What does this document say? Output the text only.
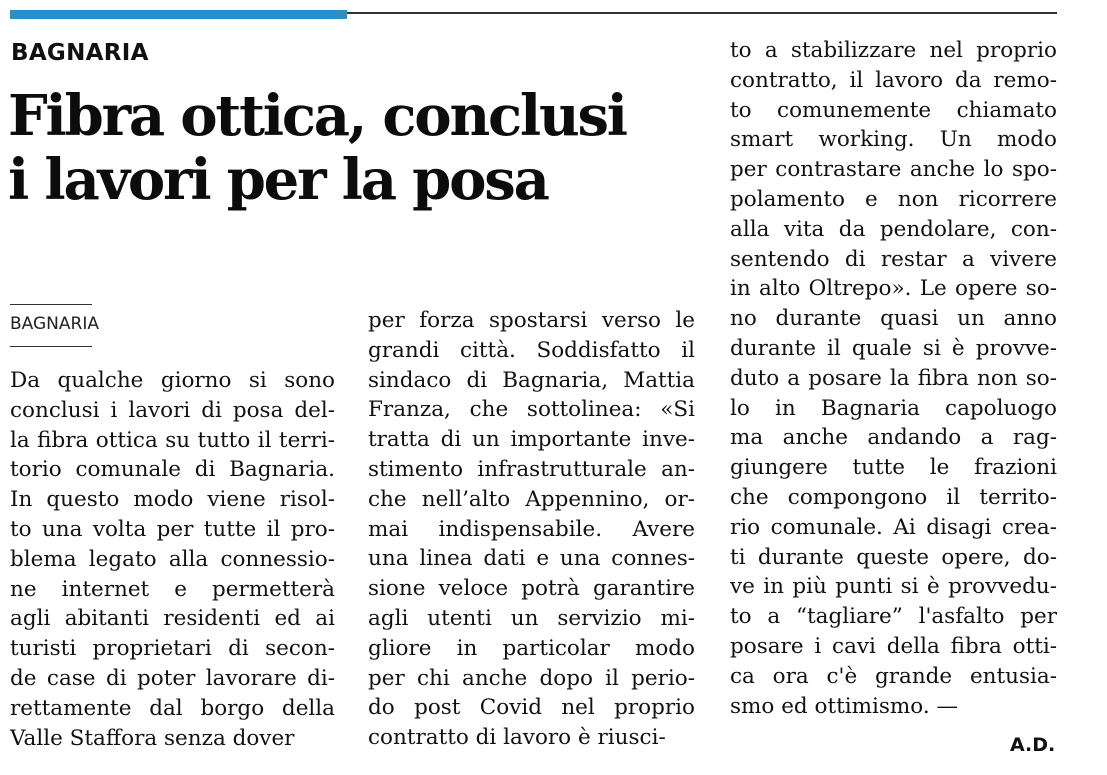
BAGNARIA
Fibra ottica, conclusi
i lavori per la posa
BAGNARIA
Da qualche giorno si sono
conclusi i lavori di posa del-
la fibra ottica su tutto il terri-
torio comunale di Bagnaria.
In questo modo viene risol-
to una volta per tutte il pro-
blema legato alla connessio-
ne internet e permetterà
agli abitanti residenti ed ai
turisti proprietari di secon-
de case di poter lavorare di-
rettamente dal borgo della
Valle Staffora senza dover
per forza spostarsi verso le
grandi città. Soddisfatto il
sindaco di Bagnaria, Mattia
Franza, che sottolinea: «Si
tratta di un importante inve-
stimento infrastrutturale an-
che nell’alto Appennino, or-
mai indispensabile. Avere
una linea dati e una connes-
sione veloce potrà garantire
agli utenti un servizio mi-
gliore in particolar modo
per chi anche dopo il perio-
do post Covid nel proprio
contratto di lavoro è riusci-
to a stabilizzare nel proprio
contratto, il lavoro da remo-
to comunemente chiamato
smart working. Un modo
per contrastare anche lo spo-
polamento e non ricorrere
alla vita da pendolare, con-
sentendo di restar a vivere
in alto Oltrepo». Le opere so-
no durante quasi un anno
durante il quale si è provve-
duto a posare la fibra non so-
lo in Bagnaria capoluogo
ma anche andando a rag-
giungere tutte le frazioni
che compongono il territo-
rio comunale. Ai disagi crea-
ti durante queste opere, do-
ve in più punti si è provvedu-
to a “tagliare” l'asfalto per
posare i cavi della fibra otti-
ca ora c'è grande entusia-
smo ed ottimismo. —
A.D.
